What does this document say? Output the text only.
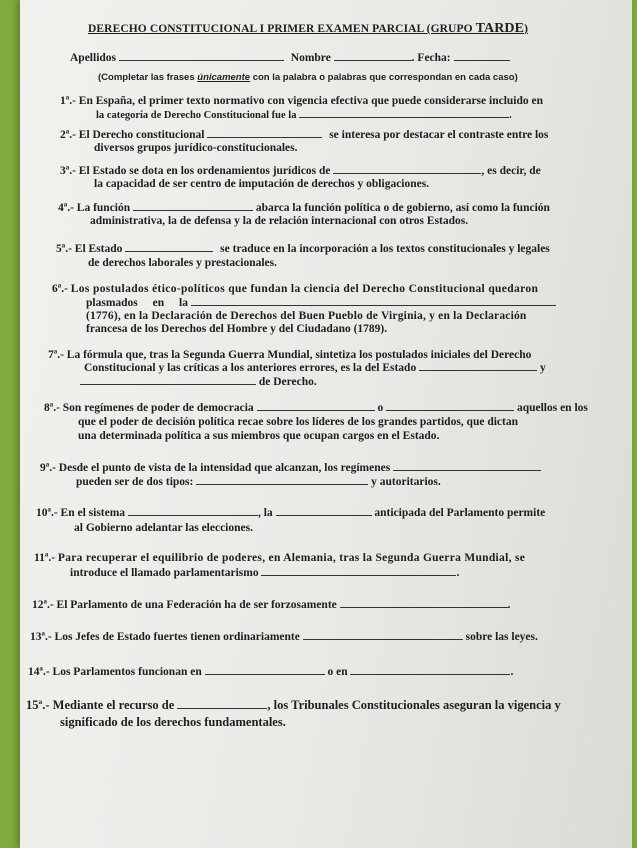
DERECHO CONSTITUCIONAL I PRIMER EXAMEN PARCIAL (GRUPO TARDE)
Apellidos	Nombre	. Fecha:
(Completar las frases únicamente con la palabra o palabras que correspondan en cada caso)
1ª.- En España, el primer texto normativo con vigencia efectiva que puede considerarse incluido en
la categoría de Derecho Constitucional fue la	.
2ª.- El Derecho constitucional	se interesa por destacar el contraste entre los
diversos grupos jurídico-constitucionales.
3ª.- El Estado se dota en los ordenamientos jurídicos de	, es decir, de
la capacidad de ser centro de imputación de derechos y obligaciones.
4ª.- La función	abarca la función política o de gobierno, así como la función
administrativa, la de defensa y la de relación internacional con otros Estados.
5ª.- El Estado	se traduce en la incorporación a los textos constitucionales y legales
de derechos laborales y prestacionales.
6ª.- Los postulados ético-políticos que fundan la ciencia del Derecho Constitucional quedaron
plasmados en la
(1776), en la Declaración de Derechos del Buen Pueblo de Virginia, y en la Declaración
francesa de los Derechos del Hombre y del Ciudadano (1789).
7ª.- La fórmula que, tras la Segunda Guerra Mundial, sintetiza los postulados iniciales del Derecho
Constitucional y las críticas a los anteriores errores, es la del Estado	y
de Derecho.
8ª.- Son regímenes de poder de democracia	o	aquellos en los
que el poder de decisión política recae sobre los líderes de los grandes partidos, que dictan
una determinada política a sus miembros que ocupan cargos en el Estado.
9ª.- Desde el punto de vista de la intensidad que alcanzan, los regímenes
pueden ser de dos tipos:	y autoritarios.
10ª.- En el sistema	, la	anticipada del Parlamento permite
al Gobierno adelantar las elecciones.
11ª.- Para recuperar el equilibrio de poderes, en Alemania, tras la Segunda Guerra Mundial, se
introduce el llamado parlamentarismo	.
12ª.- El Parlamento de una Federación ha de ser forzosamente	.
13ª.- Los Jefes de Estado fuertes tienen ordinariamente	sobre las leyes.
14ª.- Los Parlamentos funcionan en	o en	.
15ª.- Mediante el recurso de	, los Tribunales Constitucionales aseguran la vigencia y
significado de los derechos fundamentales.
